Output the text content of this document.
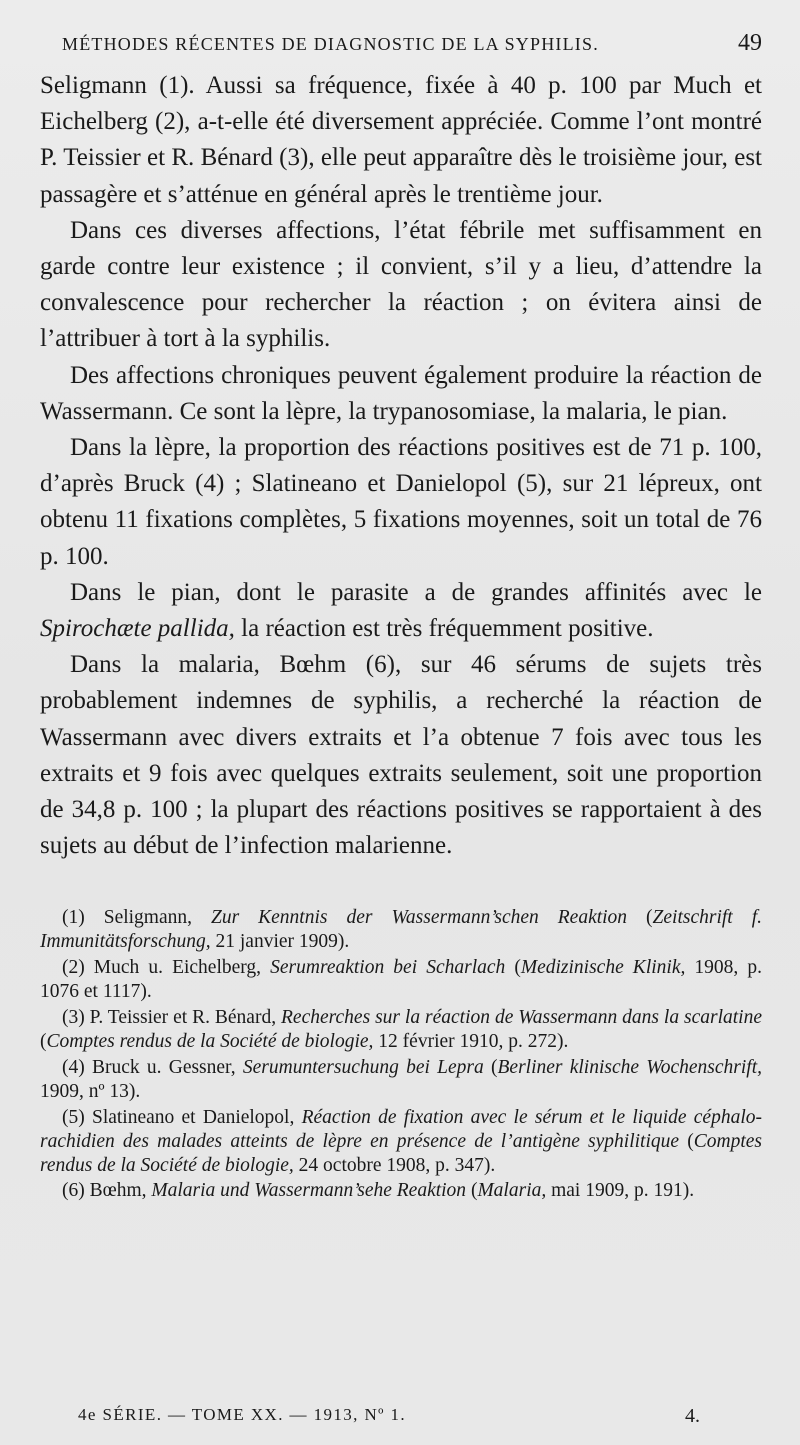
MÉTHODES RÉCENTES DE DIAGNOSTIC DE LA SYPHILIS.	49

Seligmann (1). Aussi sa fréquence, fixée à 40 p. 100 par Much et Eichelberg (2), a-t-elle été diversement appréciée. Comme l’ont montré P. Teissier et R. Bénard (3), elle peut apparaître dès le troisième jour, est passagère et s’atténue en général après le trentième jour.

Dans ces diverses affections, l’état fébrile met suffisamment en garde contre leur existence ; il convient, s’il y a lieu, d’attendre la convalescence pour rechercher la réaction ; on évitera ainsi de l’attribuer à tort à la syphilis.

Des affections chroniques peuvent également produire la réaction de Wassermann. Ce sont la lèpre, la trypanosomiase, la malaria, le pian.

Dans la lèpre, la proportion des réactions positives est de 71 p. 100, d’après Bruck (4) ; Slatineano et Danielopol (5), sur 21 lépreux, ont obtenu 11 fixations complètes, 5 fixations moyennes, soit un total de 76 p. 100.

Dans le pian, dont le parasite a de grandes affinités avec le Spirochæte pallida, la réaction est très fréquemment positive.

Dans la malaria, Bœhm (6), sur 46 sérums de sujets très probablement indemnes de syphilis, a recherché la réaction de Wassermann avec divers extraits et l’a obtenue 7 fois avec tous les extraits et 9 fois avec quelques extraits seulement, soit une proportion de 34,8 p. 100 ; la plupart des réactions positives se rapportaient à des sujets au début de l’infection malarienne.

(1) Seligmann, Zur Kenntnis der Wassermann’schen Reaktion (Zeitschrift f. Immunitätsforschung, 21 janvier 1909).

(2) Much u. Eichelberg, Serumreaktion bei Scharlach (Medizinische Klinik, 1908, p. 1076 et 1117).

(3) P. Teissier et R. Bénard, Recherches sur la réaction de Wassermann dans la scarlatine (Comptes rendus de la Société de biologie, 12 février 1910, p. 272).

(4) Bruck u. Gessner, Serumuntersuchung bei Lepra (Berliner klinische Wochenschrift, 1909, nº 13).

(5) Slatineano et Danielopol, Réaction de fixation avec le sérum et le liquide céphalo-rachidien des malades atteints de lèpre en présence de l’antigène syphilitique (Comptes rendus de la Société de biologie, 24 octobre 1908, p. 347).

(6) Bœhm, Malaria und Wassermann’sehe Reaktion (Malaria, mai 1909, p. 191).

4e SÉRIE. — TOME XX. — 1913, Nº 1.	4.
